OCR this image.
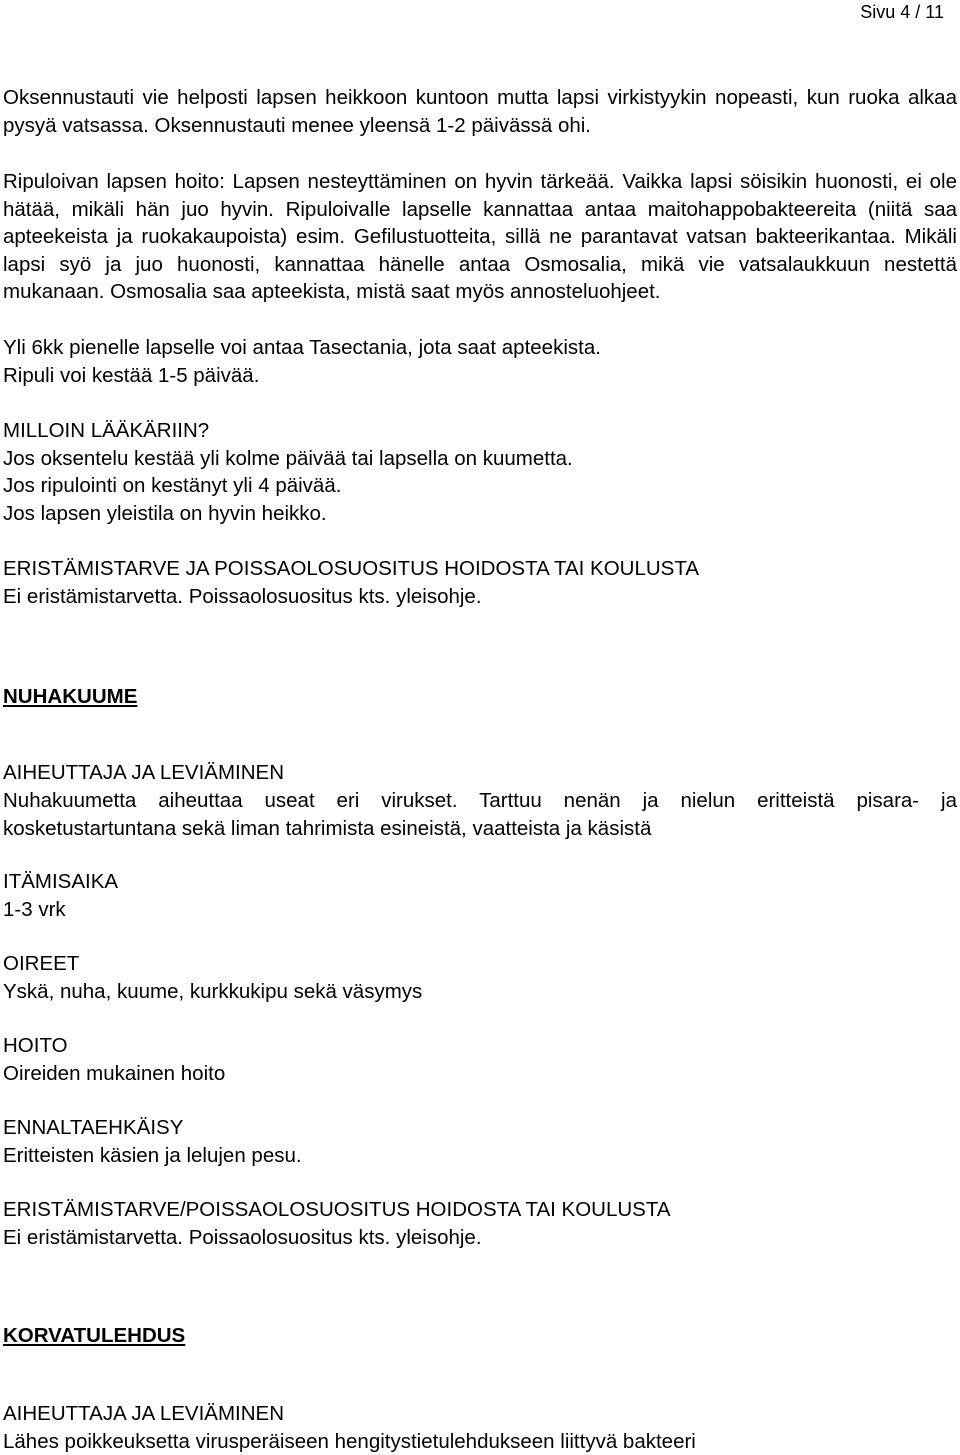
Sivu 4 / 11
Oksennustauti vie helposti lapsen heikkoon kuntoon mutta lapsi virkistyykin nopeasti, kun ruoka alkaa pysyä vatsassa. Oksennustauti menee yleensä 1-2 päivässä ohi.
Ripuloivan lapsen hoito: Lapsen nesteyttäminen on hyvin tärkeää. Vaikka lapsi söisikin huonosti, ei ole hätää, mikäli hän juo hyvin. Ripuloivalle lapselle kannattaa antaa maitohappobakteereita (niitä saa apteekeista ja ruokakaupoista) esim. Gefilustuotteita, sillä ne parantavat vatsan bakteerikantaa. Mikäli lapsi syö ja juo huonosti, kannattaa hänelle antaa Osmosalia, mikä vie vatsalaukkuun nestettä mukanaan. Osmosalia saa apteekista, mistä saat myös annosteluohjeet.
Yli 6kk pienelle lapselle voi antaa Tasectania, jota saat apteekista.
Ripuli voi kestää 1-5 päivää.
MILLOIN LÄÄKÄRIIN?
Jos oksentelu kestää yli kolme päivää tai lapsella on kuumetta.
Jos ripulointi on kestänyt yli 4 päivää.
Jos lapsen yleistila on hyvin heikko.
ERISTÄMISTARVE JA POISSAOLOSUOSITUS HOIDOSTA TAI KOULUSTA
Ei eristämistarvetta. Poissaolosuositus kts. yleisohje.
NUHAKUUME
AIHEUTTAJA JA LEVIÄMINEN
Nuhakuumetta aiheuttaa useat eri virukset. Tarttuu nenän ja nielun eritteistä pisara- ja kosketustartuntana sekä liman tahrimista esineistä, vaatteista ja käsistä
ITÄMISAIKA
1-3 vrk
OIREET
Yskä, nuha, kuume, kurkkukipu sekä väsymys
HOITO
Oireiden mukainen hoito
ENNALTAEHKÄISY
Eritteisten käsien ja lelujen pesu.
ERISTÄMISTARVE/POISSAOLOSUOSITUS HOIDOSTA TAI KOULUSTA
Ei eristämistarvetta. Poissaolosuositus kts. yleisohje.
KORVATULEHDUS
AIHEUTTAJA JA LEVIÄMINEN
Lähes poikkeuksetta virusperäiseen hengitystietulehdukseen liittyvä bakteeri
